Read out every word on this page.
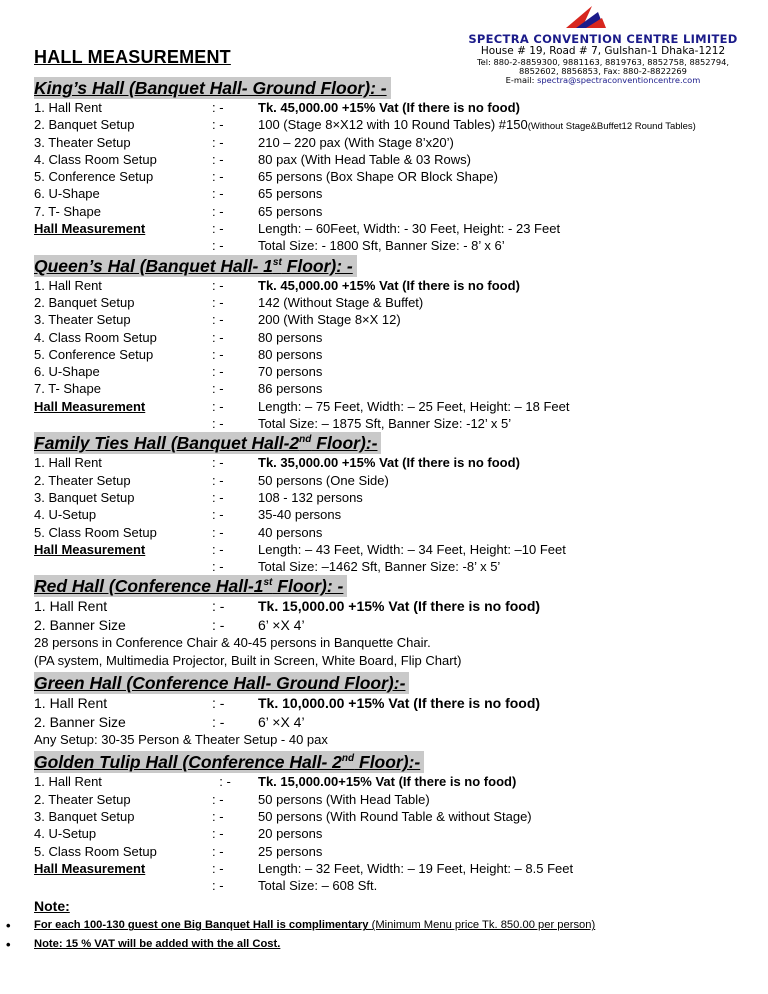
SPECTRA CONVENTION CENTRE LIMITED
House # 19, Road # 7, Gulshan-1 Dhaka-1212
Tel: 880-2-8859300, 9881163, 8819763, 8852758, 8852794,
8852602, 8856853, Fax: 880-2-8822269
E-mail: spectra@spectraconventioncentre.com
HALL MEASUREMENT
King’s Hall (Banquet Hall- Ground Floor): -
1. Hall Rent	: -	Tk. 45,000.00 +15% Vat (If there is no food)
2. Banquet Setup	: -	100 (Stage 8×X12 with 10 Round Tables) #150(Without Stage&Buffet12 Round Tables)
3. Theater Setup	: -	210 – 220 pax (With Stage 8’x20’)
4. Class Room Setup	: -	80 pax (With Head Table & 03 Rows)
5. Conference Setup	: -	65 persons (Box Shape OR Block Shape)
6. U-Shape	: -	65 persons
7. T- Shape	: -	65 persons
Hall Measurement	: -	Length: – 60Feet, Width: - 30 Feet, Height: - 23 Feet
: -	Total Size: - 1800 Sft, Banner Size: - 8’ x 6’
Queen’s Hal (Banquet Hall- 1st Floor): -
1. Hall Rent	: -	Tk. 45,000.00 +15% Vat (If there is no food)
2. Banquet Setup	: -	142 (Without Stage & Buffet)
3. Theater Setup	: -	200 (With Stage 8×X 12)
4. Class Room Setup	: -	80 persons
5. Conference Setup	: -	80 persons
6. U-Shape	: -	70 persons
7. T- Shape	: -	86 persons
Hall Measurement	: -	Length: – 75 Feet, Width: – 25 Feet, Height: – 18 Feet
: -	Total Size: – 1875 Sft, Banner Size: -12’ x 5’
Family Ties Hall (Banquet Hall-2nd Floor):-
1. Hall Rent	: -	Tk. 35,000.00 +15% Vat (If there is no food)
2. Theater Setup	: -	50 persons (One Side)
3. Banquet Setup	: -	108 - 132 persons
4. U-Setup	: -	35-40 persons
5. Class Room Setup	: -	40 persons
Hall Measurement	: -	Length: – 43 Feet, Width: – 34 Feet, Height: –10 Feet
: -	Total Size: –1462 Sft, Banner Size: -8’ x 5’
Red Hall (Conference Hall-1st Floor): -
1. Hall Rent	: -	Tk. 15,000.00 +15% Vat (If there is no food)
2. Banner Size	: -	6’ ×X 4’
28 persons in Conference Chair & 40-45 persons in Banquette Chair.
(PA system, Multimedia Projector, Built in Screen, White Board, Flip Chart)
Green Hall (Conference Hall- Ground Floor):-
1. Hall Rent	: -	Tk. 10,000.00 +15% Vat (If there is no food)
2. Banner Size	: -	6’ ×X 4’
Any Setup: 30-35 Person & Theater Setup - 40 pax
Golden Tulip Hall (Conference Hall- 2nd Floor):-
1. Hall Rent	: -	Tk. 15,000.00+15% Vat (If there is no food)
2. Theater Setup	: -	50 persons (With Head Table)
3. Banquet Setup	: -	50 persons (With Round Table & without Stage)
4. U-Setup	: -	20 persons
5. Class Room Setup	: -	25 persons
Hall Measurement	: -	Length: – 32 Feet, Width: – 19 Feet, Height: – 8.5 Feet
: -	Total Size: – 608 Sft.
Note:
• For each 100-130 guest one Big Banquet Hall is complimentary (Minimum Menu price Tk. 850.00 per person)
• Note: 15 % VAT will be added with the all Cost.
